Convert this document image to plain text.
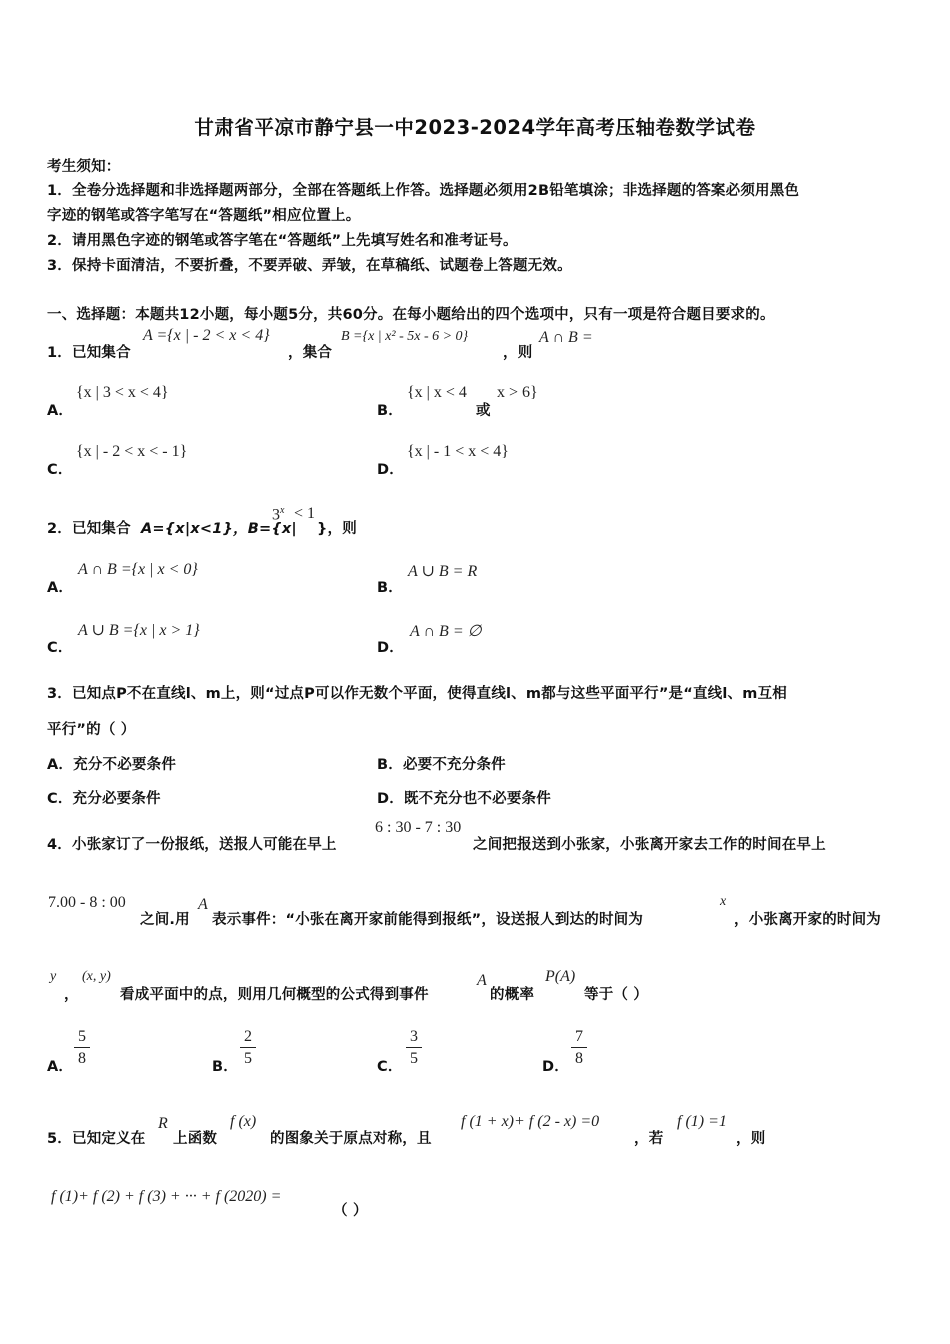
甘肃省平凉市静宁县一中2023-2024学年高考压轴卷数学试卷
考生须知：
1．全卷分选择题和非选择题两部分，全部在答题纸上作答。选择题必须用2B铅笔填涂；非选择题的答案必须用黑色
字迹的钢笔或答字笔写在“答题纸”相应位置上。
2．请用黑色字迹的钢笔或答字笔在“答题纸”上先填写姓名和准考证号。
3．保持卡面清洁，不要折叠，不要弄破、弄皱，在草稿纸、试题卷上答题无效。
一、选择题：本题共12小题，每小题5分，共60分。在每小题给出的四个选项中，只有一项是符合题目要求的。
1．已知集合
A ={x | - 2 < x < 4}
，集合
B ={x | x² - 5x - 6 > 0}
，则
A ∩ B =
A．
{x | 3 < x < 4}
B．
{x | x < 4
或
x > 6}
C．
{x | - 2 < x < - 1}
D．
{x | - 1 < x < 4}
2．已知集合 A={x|x<1}，B={x|
$3^x < 1$
}，则
A．
A ∩ B ={x | x < 0}
B．
A ∪ B = R
C．
A ∪ B ={x | x > 1}
D．
A ∩ B = ∅
3．已知点P不在直线l、m上，则“过点P可以作无数个平面，使得直线l、m都与这些平面平行”是“直线l、m互相
平行”的（ ）
A．充分不必要条件	B．必要不充分条件
C．充分必要条件	D．既不充分也不必要条件
4．小张家订了一份报纸，送报人可能在早上
6 : 30 - 7 : 30
之间把报送到小张家，小张离开家去工作的时间在早上
7.00 - 8 : 00
之间.用
A
表示事件：“小张在离开家前能得到报纸”，设送报人到达的时间为
x
，小张离开家的时间为
y
，
(x, y)
看成平面中的点，则用几何概型的公式得到事件
A
的概率
P(A)
等于（ ）
A．
5
8	B．
2
5	C．
3
5	D．
7
8
5．已知定义在
R
上函数
f (x)
的图象关于原点对称，且
f (1 + x)+ f (2 - x) =0
，若
f (1) =1
，则
f (1)+ f (2) + f (3) + ··· + f (2020) =
（ ）
